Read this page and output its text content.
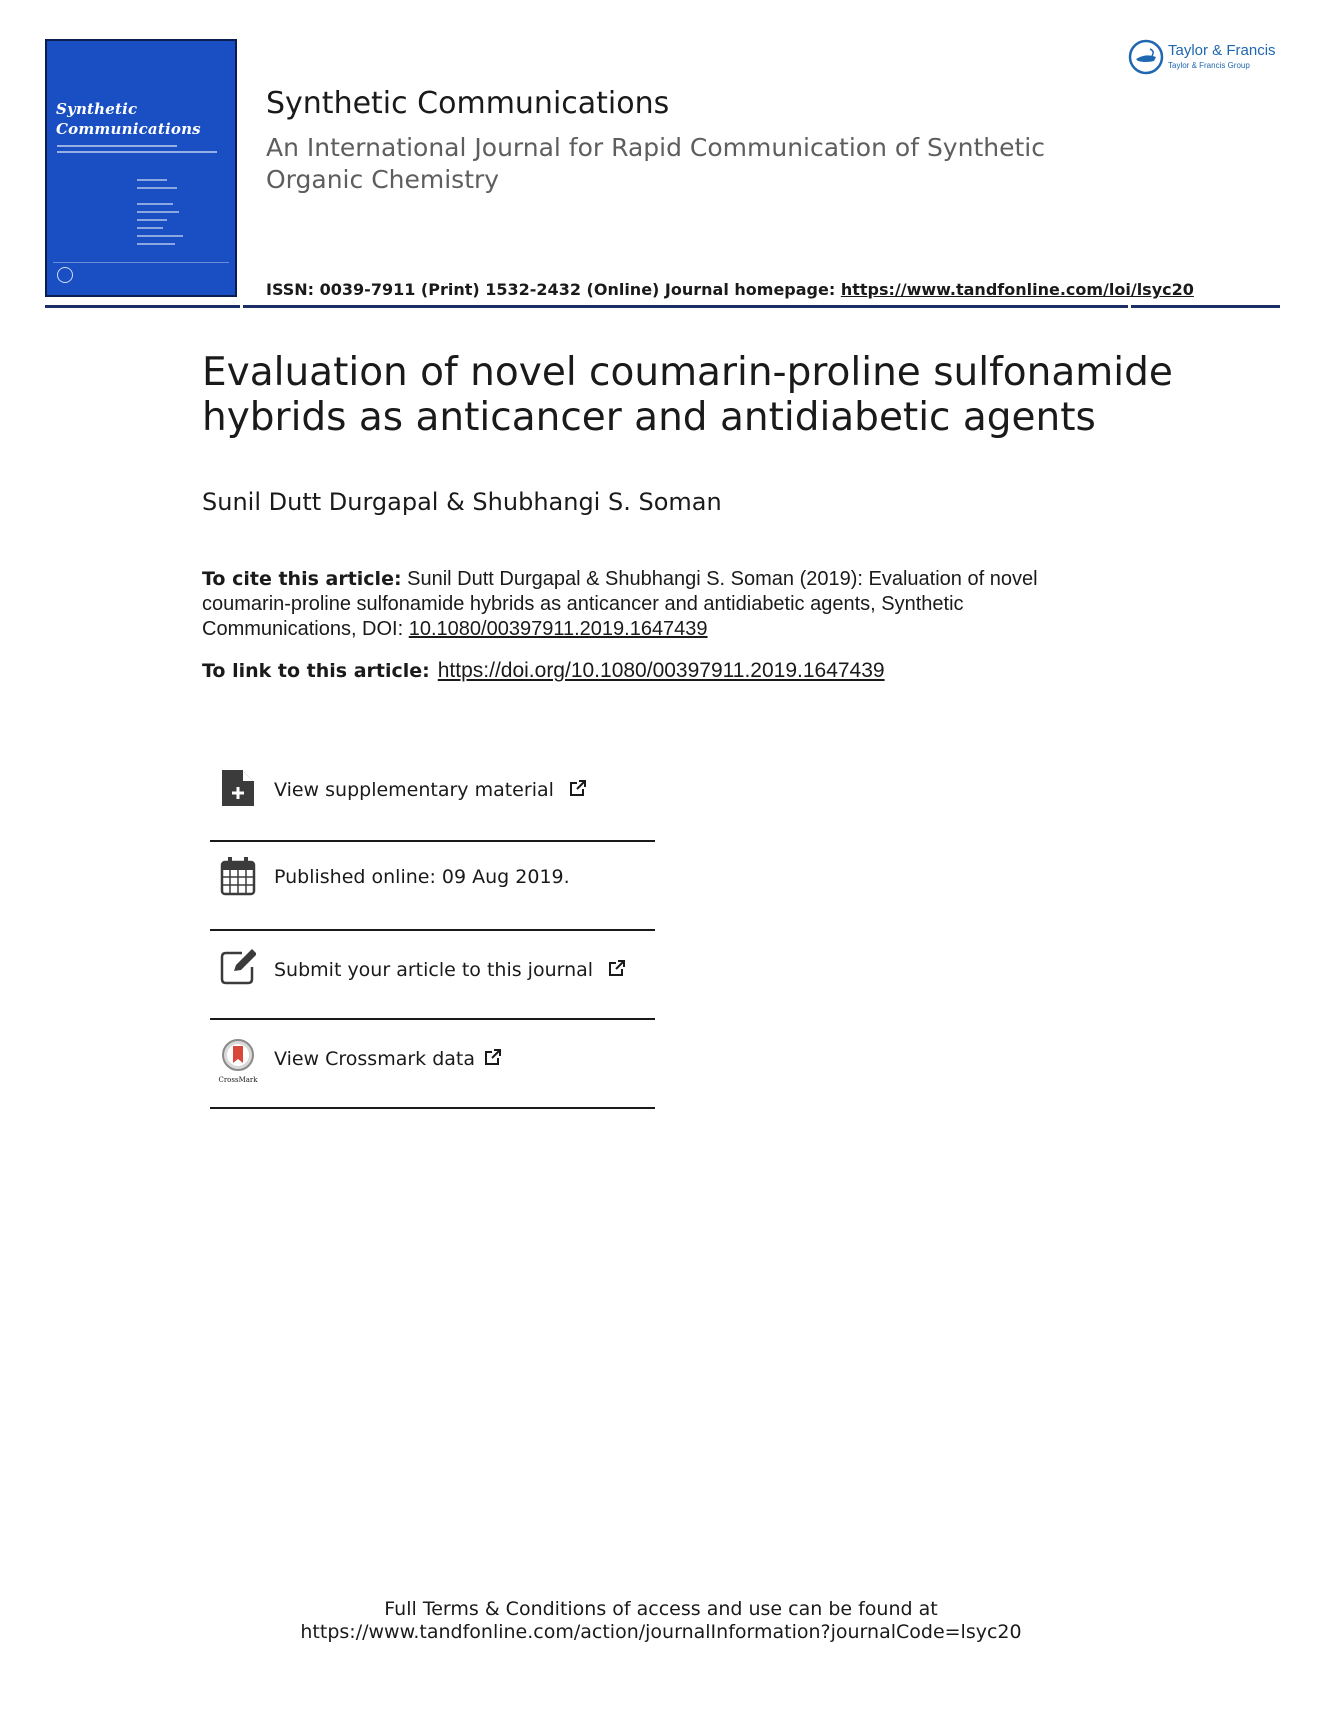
Synthetic
Communications
Taylor & Francis
Taylor & Francis Group
Synthetic Communications
An International Journal for Rapid Communication of Synthetic Organic Chemistry
ISSN: 0039-7911 (Print) 1532-2432 (Online) Journal homepage: https://www.tandfonline.com/loi/lsyc20
Evaluation of novel coumarin-proline sulfonamide hybrids as anticancer and antidiabetic agents
Sunil Dutt Durgapal & Shubhangi S. Soman
To cite this article: Sunil Dutt Durgapal & Shubhangi S. Soman (2019): Evaluation of novel coumarin-proline sulfonamide hybrids as anticancer and antidiabetic agents, Synthetic Communications, DOI: 10.1080/00397911.2019.1647439
To link to this article: https://doi.org/10.1080/00397911.2019.1647439
View supplementary material
Published online: 09 Aug 2019.
Submit your article to this journal
CrossMark
View Crossmark data
Full Terms & Conditions of access and use can be found at
https://www.tandfonline.com/action/journalInformation?journalCode=lsyc20
